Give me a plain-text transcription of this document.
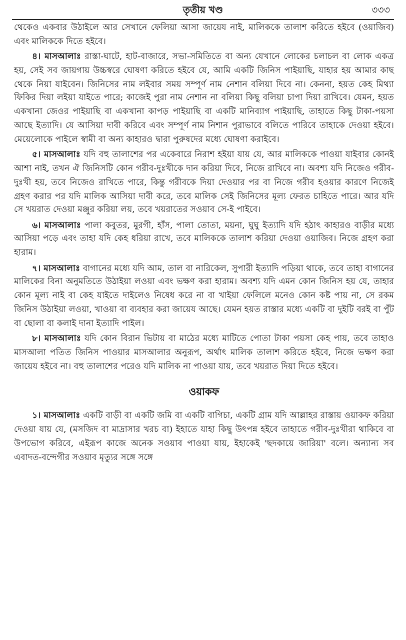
তৃতীয় খণ্ড	৩৩৩

থেকেও একবার উঠাইলে আর সেখানে ফেলিয়া আসা জায়েয নাই, মালিককে তালাশ করিতে হইবে (ওয়াজিব) এবং মালিককে দিতে হইবে।

৪। মাসআলাঃ রাস্তা-ঘাটে, হাট-বাজারে, সভা-সমিতিতে বা অন্য যেখানে লোকের চলাচল বা লোক একত্র হয়, সেই সব জায়গায় উচ্চস্বরে ঘোষণা করিতে হইবে যে, আমি একটি জিনিস পাইয়াছি, যাহার হয় আমার কাছ থেকে নিয়া যাইবেন। জিনিসের নাম লইবার সময় সম্পূর্ণ নাম নেশান বলিয়া দিবে না। কেননা, হয়ত কেহ মিথ্যা ফিকির দিয়া লইয়া যাইতে পারে; কাজেই পুরা নাম নেশান না বলিয়া কিছু বলিয়া চাপা দিয়া রাখিবে। যেমন, হয়ত একখানা জেওর পাইয়াছি বা একখানা কাপড় পাইয়াছি বা একটি মানিব্যাগ পাইয়াছি, তাহাতে কিছু টাকা-পয়সা আছে ইত্যাদি। যে আসিয়া দাবী করিবে এবং সম্পূর্ণ নাম নিশান পুরাভাবে বলিতে পারিবে তাহাকে দেওয়া হইবে। মেয়েলোকে পাইলে স্বামী বা অন্য কাহারও দ্বারা পুরুষদের মধ্যে ঘোষণা করাইবে।

৫। মাসআলাঃ যদি বহু তালাশের পর একেবারে নিরাশ হইয়া যায় যে, আর মালিককে পাওয়া যাইবার কোনই আশা নাই, তখন ঐ জিনিসটি কোন গরীব-দুঃখীকে দান করিয়া দিবে, নিজে রাখিবে না। অবশ্য যদি নিজেও গরীব-দুঃখী হয়, তবে নিজেও রাখিতে পারে, কিন্তু গরীবকে দিয়া দেওয়ার পর বা নিজে গরীব হওয়ার কারণে নিজেই গ্রহণ করার পর যদি মালিক আসিয়া দাবী করে, তবে মালিক সেই জিনিসের মূল্য ফেরত চাহিতে পারে। আর যদি সে খয়রাত দেওয়া মঞ্জুর করিয়া লয়, তবে খয়রাতের সওয়াব সে-ই পাইবে।

৬। মাসআলাঃ পালা কবুতর, মুরগী, হাঁস, পালা তোতা, ময়না, ঘুঘু ইত্যাদি যদি হঠাৎ কাহারও বাড়ীর মধ্যে আসিয়া পড়ে এবং তাহা যদি কেহ ধরিয়া রাখে, তবে মালিককে তালাশ করিয়া দেওয়া ওয়াজিব। নিজে গ্রহণ করা হারাম।

৭। মাসআলাঃ বাগানের মধ্যে যদি আম, তাল বা নারিকেল, সুপারী ইত্যাদি পড়িয়া থাকে, তবে তাহা বাগানের মালিকের বিনা অনুমতিতে উঠাইয়া লওয়া এবং ভক্ষণ করা হারাম। অবশ্য যদি এমন কোন জিনিস হয় যে, তাহার কোন মূল্য নাই বা কেহ যাইতে দাইলেও নিষেধ করে না বা খাইয়া ফেলিলে মনেও কোন কষ্ট পায় না, সে রকম জিনিস উঠাইয়া লওয়া, খাওয়া বা ব্যবহার করা জায়েয আছে। যেমন হয়ত রাস্তার মধ্যে একটি বা দুইটি বরই বা পুঁট বা ছোলা বা কলাই দানা ইত্যাদি পাইল।

৮। মাসআলাঃ যদি কোন বিরান ভিটায় বা মাঠের মধ্যে মাটিতে পোতা টাকা পয়সা কেহ পায়, তবে তাহাও মাসআলা পতিত জিনিস পাওয়ার মাসআলার অনুরূপ, অর্থাৎ মালিক তালাশ করিতে হইবে, নিজে ভক্ষণ করা জায়েয হইবে না। বহু তালাশের পরেও যদি মালিক না পাওয়া যায়, তবে খয়রাত দিয়া দিতে হইবে।

ওয়াকফ

১। মাসআলাঃ একটি বাড়ী বা একটি জমি বা একটি বাগিচা, একটি গ্রাম যদি আল্লাহর রাস্তায় ওয়াকফ করিয়া দেওয়া যায় যে, (মসজিদ বা মাদ্রাসার খরচ বা) ইহাতে যাহা কিছু উৎপন্ন হইবে তাহাতে গরীব-দুঃখীরা থাকিবে বা উপভোগ করিবে, এইরূপ কাজে অনেক সওয়াব পাওয়া যায়, ইহাকেই 'ছদকায়ে জারিয়া' বলে। অন্যান্য সব এবাদত-বন্দেগীর সওয়াব মৃত্যুর সঙ্গে সঙ্গে
